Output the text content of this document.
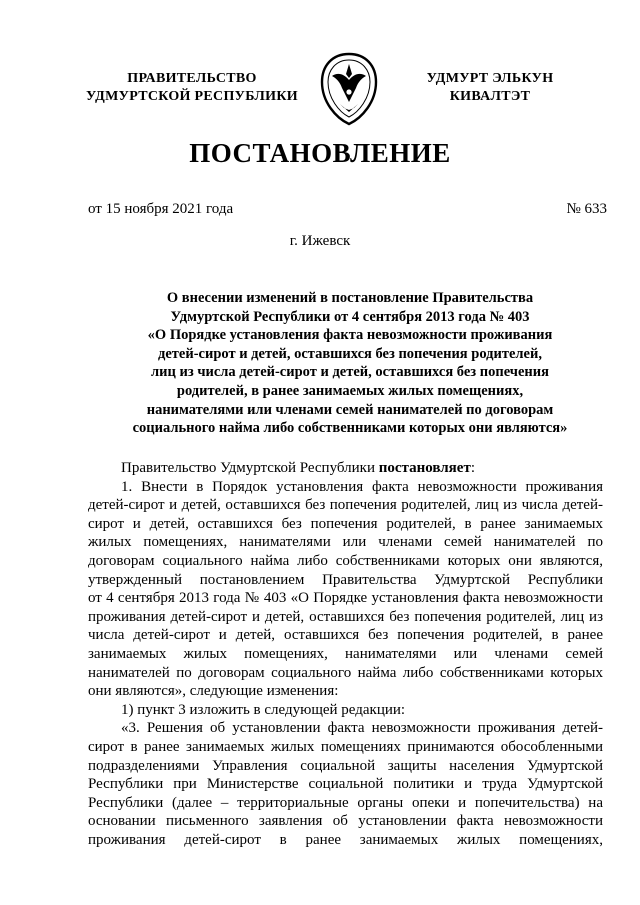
ПРАВИТЕЛЬСТВО
УДМУРТСКОЙ РЕСПУБЛИКИ
УДМУРТ ЭЛЬКУН
КИВАЛТЭТ
ПОСТАНОВЛЕНИЕ
от 15 ноября 2021 года	№ 633
г. Ижевск
О внесении изменений в постановление Правительства
Удмуртской Республики от 4 сентября 2013 года № 403
«О Порядке установления факта невозможности проживания
детей-сирот и детей, оставшихся без попечения родителей,
лиц из числа детей-сирот и детей, оставшихся без попечения
родителей, в ранее занимаемых жилых помещениях,
нанимателями или членами семей нанимателей по договорам
социального найма либо собственниками которых они являются»
Правительство Удмуртской Республики постановляет:
1. Внести в Порядок установления факта невозможности проживания
детей-сирот и детей, оставшихся без попечения родителей, лиц из числа детей-
сирот и детей, оставшихся без попечения родителей, в ранее занимаемых
жилых помещениях, нанимателями или членами семей нанимателей по
договорам социального найма либо собственниками которых они являются,
утвержденный постановлением Правительства Удмуртской Республики
от 4 сентября 2013 года № 403 «О Порядке установления факта невозможности
проживания детей-сирот и детей, оставшихся без попечения родителей, лиц из
числа детей-сирот и детей, оставшихся без попечения родителей, в ранее
занимаемых жилых помещениях, нанимателями или членами семей
нанимателей по договорам социального найма либо собственниками которых
они являются», следующие изменения:
1) пункт 3 изложить в следующей редакции:
«3. Решения об установлении факта невозможности проживания детей-
сирот в ранее занимаемых жилых помещениях принимаются обособленными
подразделениями Управления социальной защиты населения Удмуртской
Республики при Министерстве социальной политики и труда Удмуртской
Республики (далее – территориальные органы опеки и попечительства) на
основании письменного заявления об установлении факта невозможности
проживания детей-сирот в ранее занимаемых жилых помещениях,
